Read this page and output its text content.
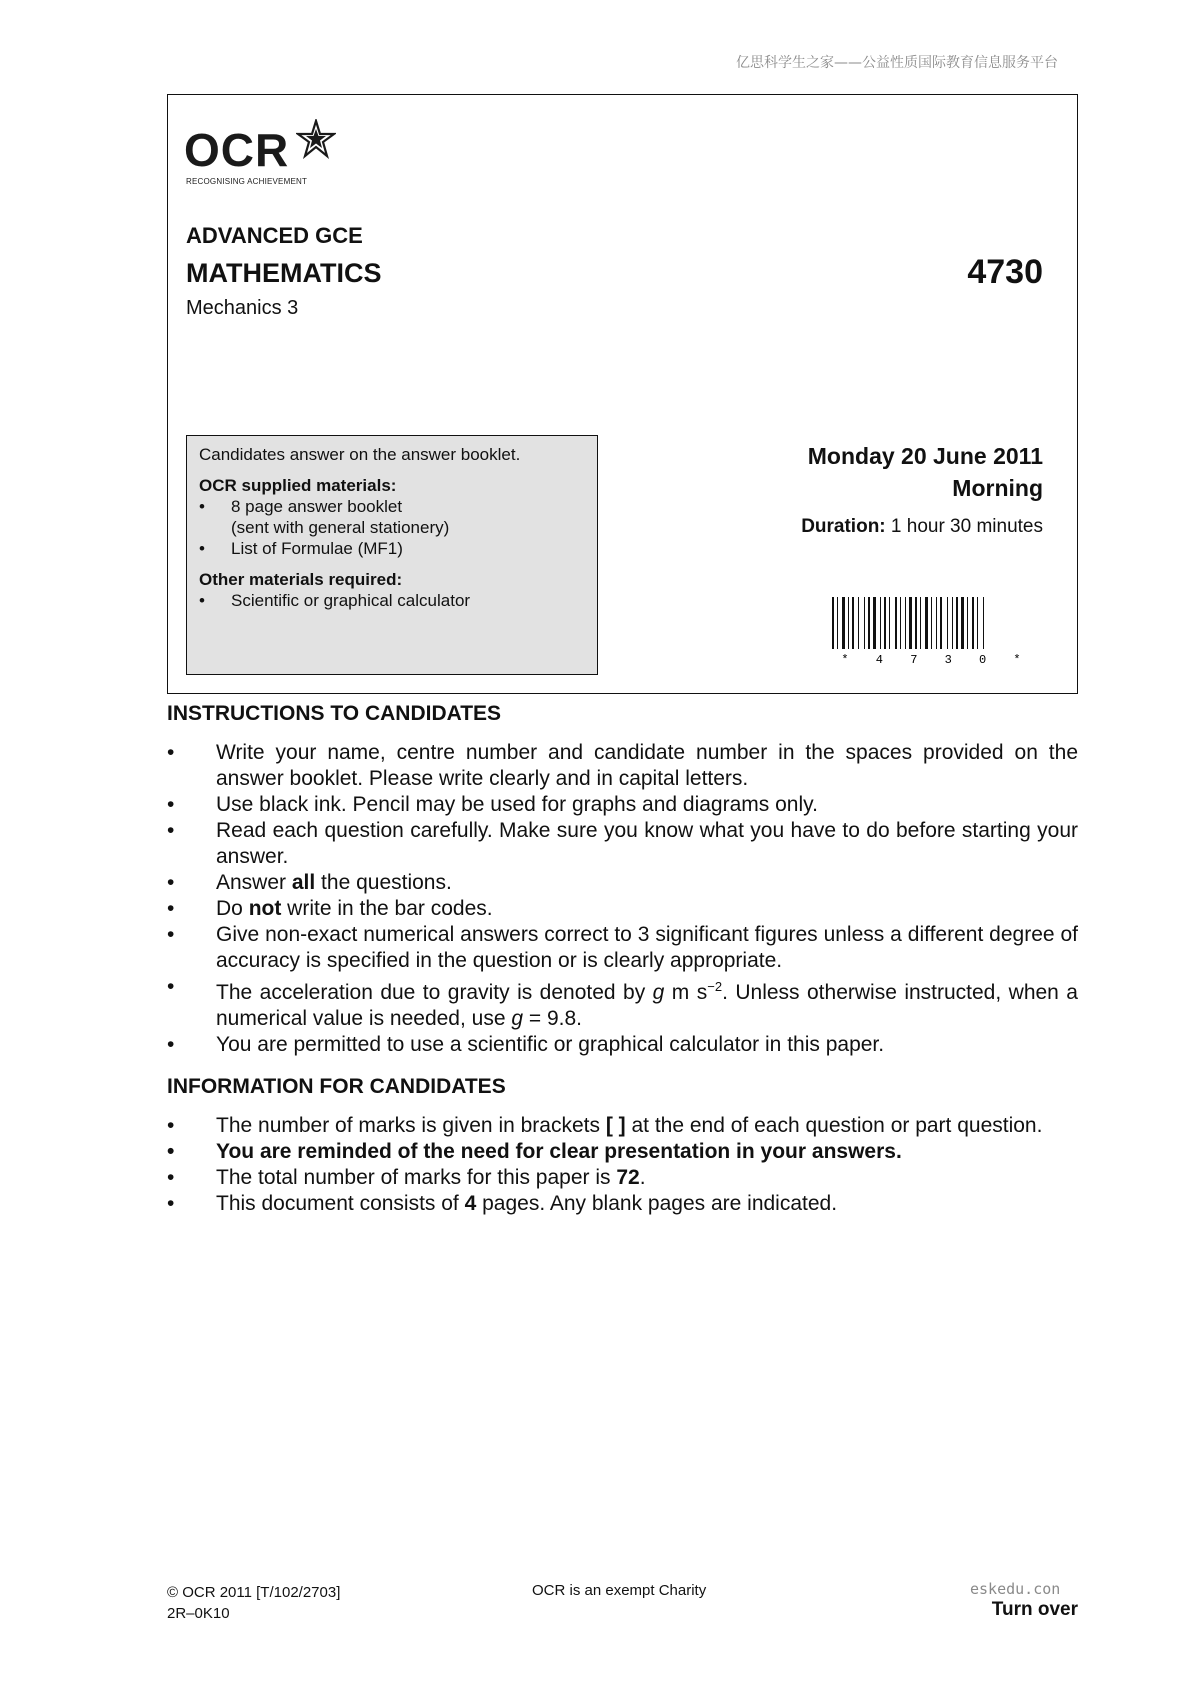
亿思科学生之家——公益性质国际教育信息服务平台
OCR
RECOGNISING ACHIEVEMENT
ADVANCED GCE
MATHEMATICS
Mechanics 3
4730

Candidates answer on the answer booklet.

OCR supplied materials:

• 8 page answer booklet
(sent with general stationery)
• List of Formulae (MF1)

Other materials required:

• Scientific or graphical calculator
Monday 20 June 2011
Morning
Duration: 1 hour 30 minutes
* 4 7 3 0 *
INSTRUCTIONS TO CANDIDATES
• Write your name, centre number and candidate number in the spaces provided on the answer booklet. Please write clearly and in capital letters.
• Use black ink. Pencil may be used for graphs and diagrams only.
• Read each question carefully. Make sure you know what you have to do before starting your answer.
• Answer all the questions.
• Do not write in the bar codes.
• Give non-exact numerical answers correct to 3 significant figures unless a different degree of accuracy is specified in the question or is clearly appropriate.
• The acceleration due to gravity is denoted by g m $s^{-2}$. Unless otherwise instructed, when a numerical value is needed, use g = 9.8.
• You are permitted to use a scientific or graphical calculator in this paper.
INFORMATION FOR CANDIDATES
• The number of marks is given in brackets [ ] at the end of each question or part question.
• You are reminded of the need for clear presentation in your answers.
• The total number of marks for this paper is 72.
• This document consists of 4 pages. Any blank pages are indicated.
© OCR 2011 [T/102/2703]
2R–0K10
OCR is an exempt Charity	eskedu.con
Turn over
